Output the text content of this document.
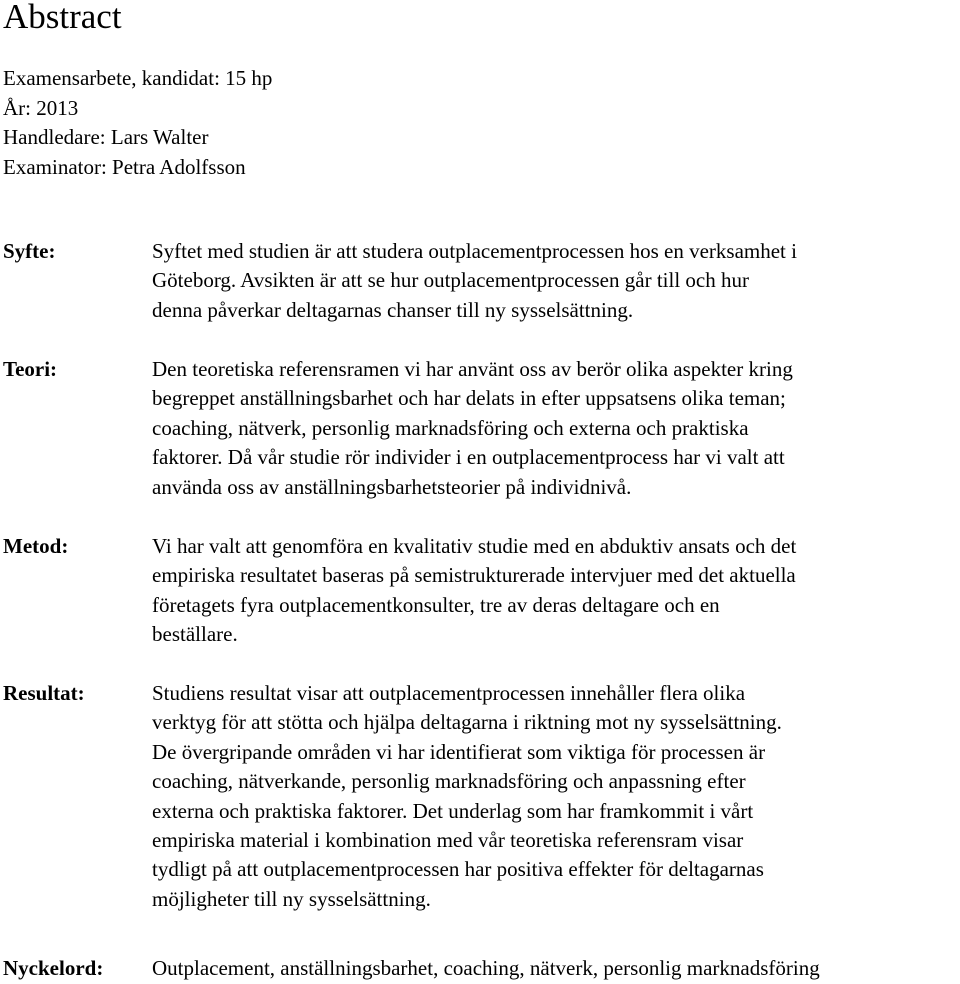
Abstract
Examensarbete, kandidat: 15 hp
År: 2013
Handledare: Lars Walter
Examinator: Petra Adolfsson
Syfte:	Syftet med studien är att studera outplacementprocessen hos en verksamhet i
Göteborg. Avsikten är att se hur outplacementprocessen går till och hur
denna påverkar deltagarnas chanser till ny sysselsättning.
Teori:	Den teoretiska referensramen vi har använt oss av berör olika aspekter kring
begreppet anställningsbarhet och har delats in efter uppsatsens olika teman;
coaching, nätverk, personlig marknadsföring och externa och praktiska
faktorer. Då vår studie rör individer i en outplacementprocess har vi valt att
använda oss av anställningsbarhetsteorier på individnivå.
Metod:	Vi har valt att genomföra en kvalitativ studie med en abduktiv ansats och det
empiriska resultatet baseras på semistrukturerade intervjuer med det aktuella
företagets fyra outplacementkonsulter, tre av deras deltagare och en
beställare.
Resultat:	Studiens resultat visar att outplacementprocessen innehåller flera olika
verktyg för att stötta och hjälpa deltagarna i riktning mot ny sysselsättning.
De övergripande områden vi har identifierat som viktiga för processen är
coaching, nätverkande, personlig marknadsföring och anpassning efter
externa och praktiska faktorer. Det underlag som har framkommit i vårt
empiriska material i kombination med vår teoretiska referensram visar
tydligt på att outplacementprocessen har positiva effekter för deltagarnas
möjligheter till ny sysselsättning.
Nyckelord: Outplacement, anställningsbarhet, coaching, nätverk, personlig marknadsföring
